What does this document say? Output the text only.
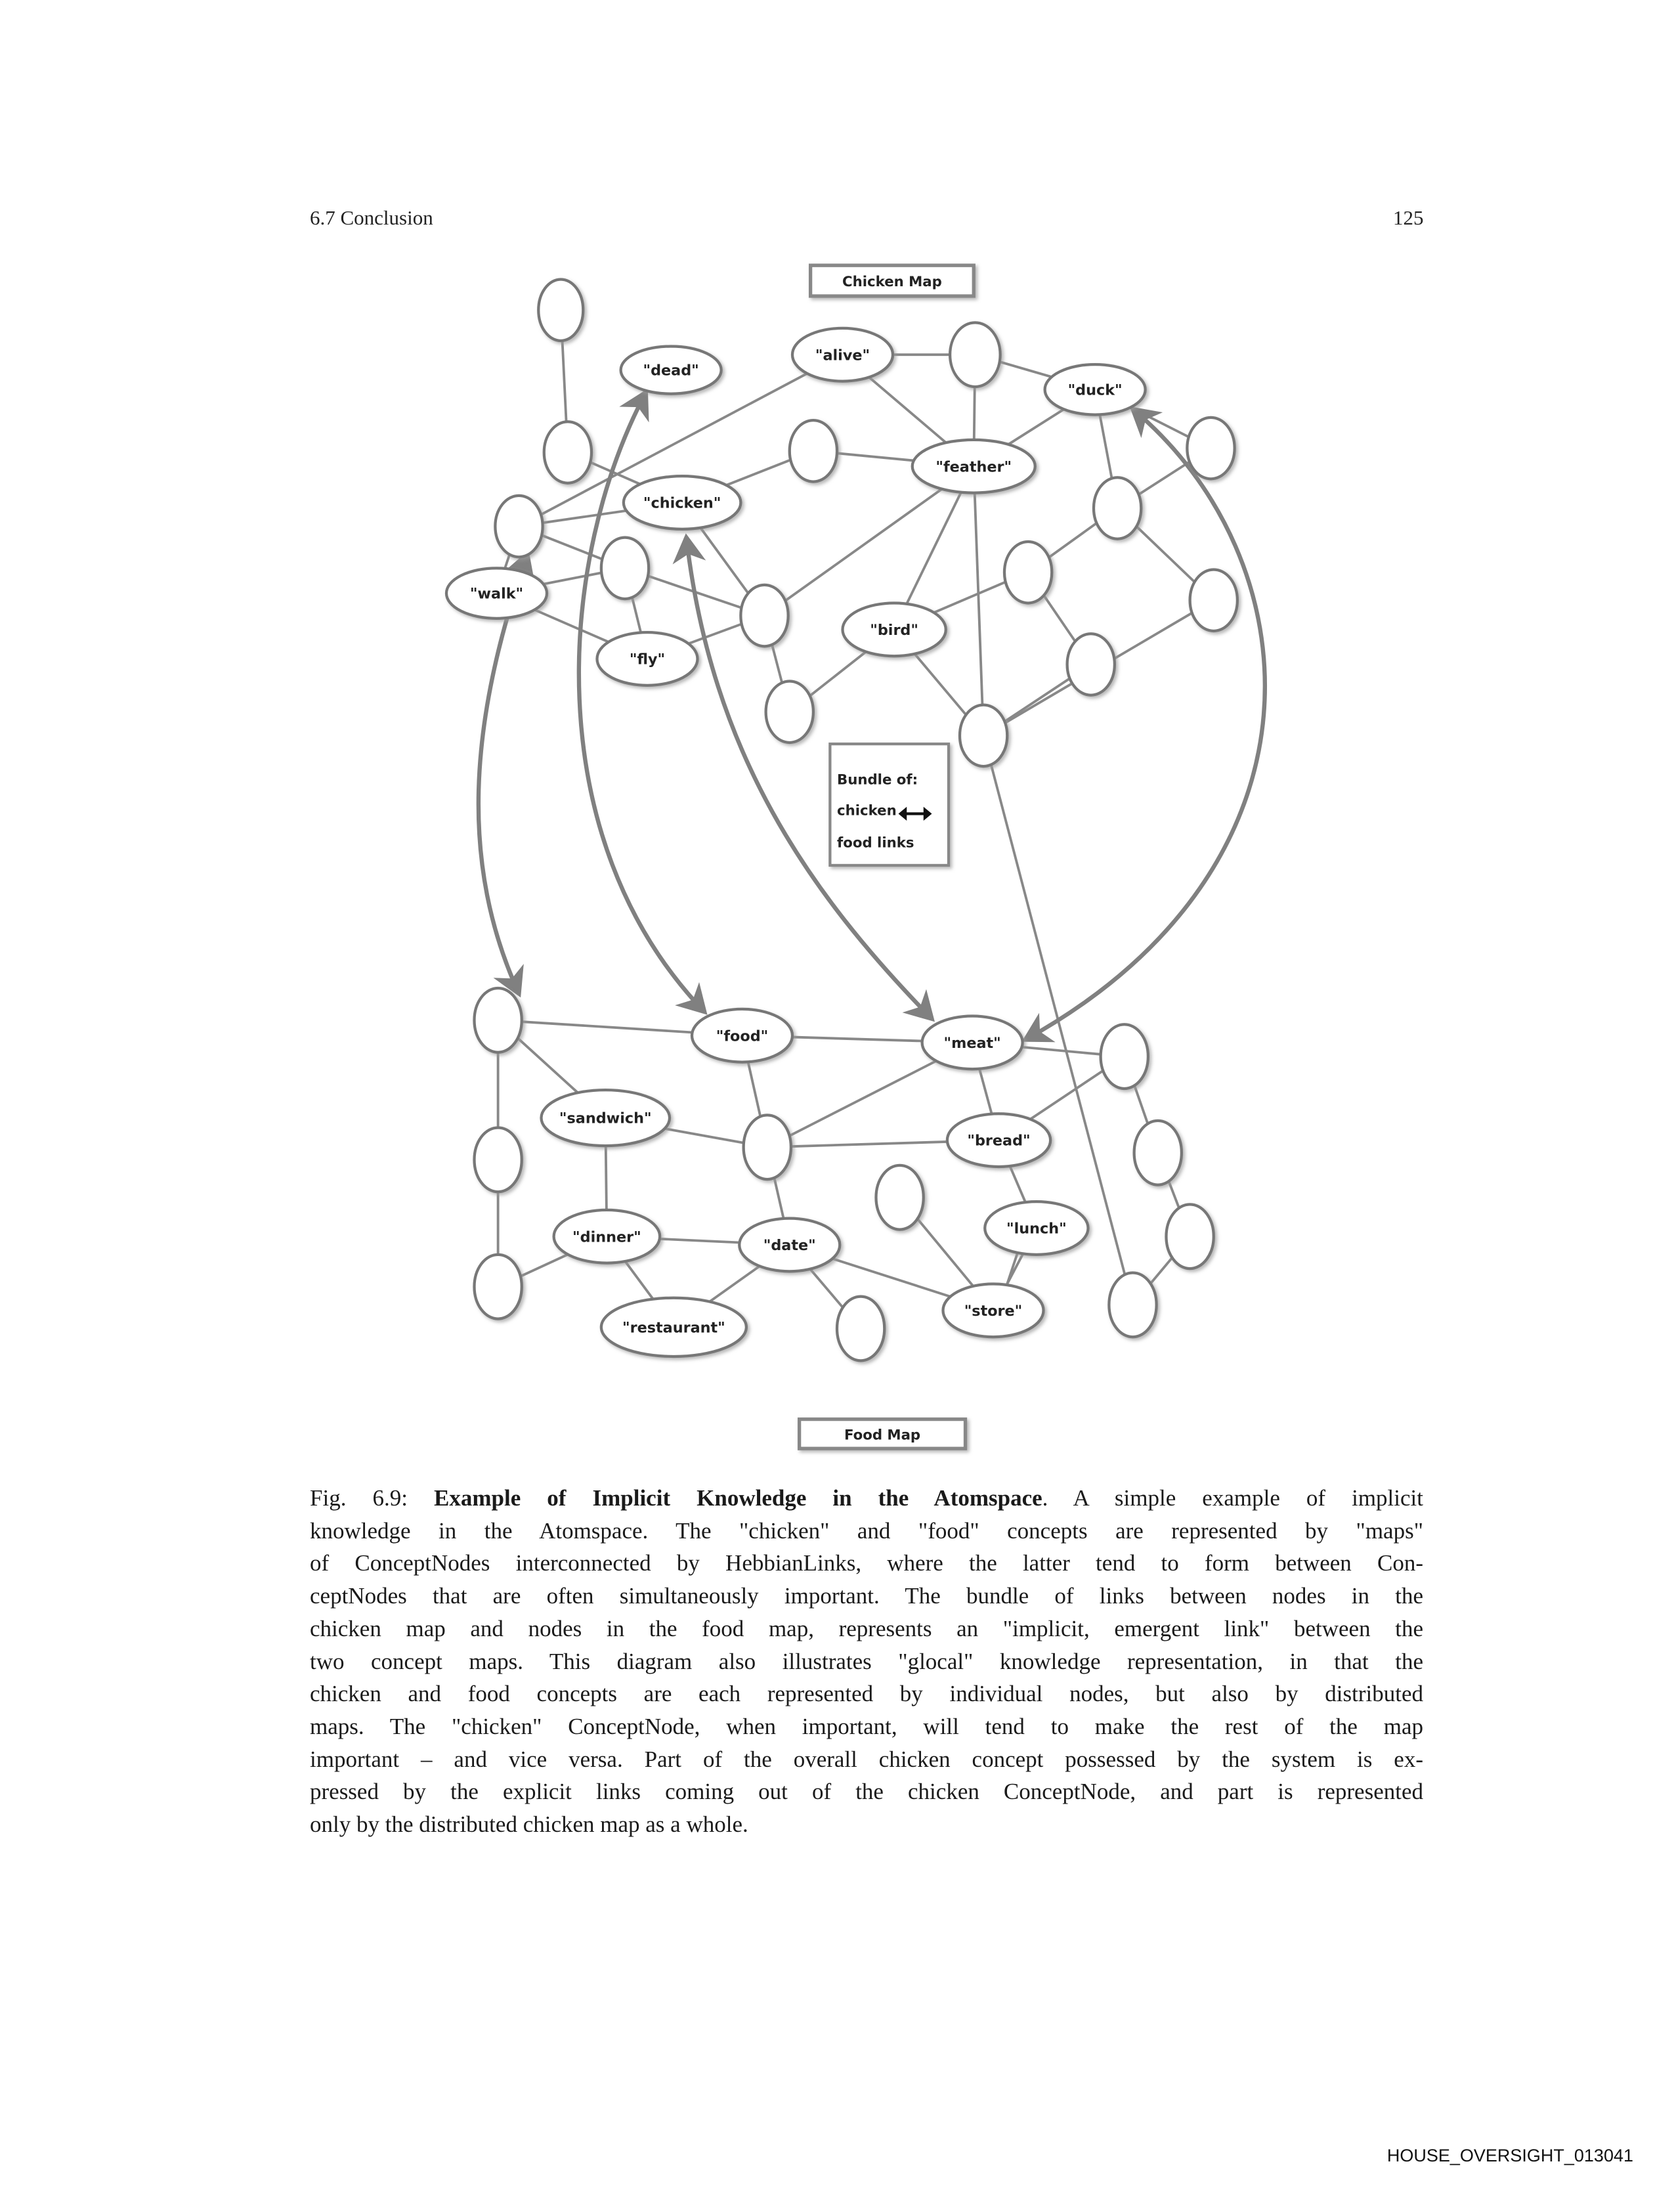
6.7 Conclusion	125
"dead"
"alive"
"duck"
"feather"
"chicken"
"walk"
"bird"
"fly"
"food"	"meat"
"sandwich"
"bread"
"lunch"
"dinner"	"date"
"store"
"restaurant"
Chicken Map
Food Map
Bundle of:
chicken
food links
Fig. 6.9: Example of Implicit Knowledge in the Atomspace. A simple example of implicit
knowledge in the Atomspace. The "chicken" and "food" concepts are represented by "maps"
of ConceptNodes interconnected by HebbianLinks, where the latter tend to form between Con-
ceptNodes that are often simultaneously important. The bundle of links between nodes in the
chicken map and nodes in the food map, represents an "implicit, emergent link" between the
two concept maps. This diagram also illustrates "glocal" knowledge representation, in that the
chicken and food concepts are each represented by individual nodes, but also by distributed
maps. The "chicken" ConceptNode, when important, will tend to make the rest of the map
important – and vice versa. Part of the overall chicken concept possessed by the system is ex-
pressed by the explicit links coming out of the chicken ConceptNode, and part is represented
only by the distributed chicken map as a whole.
HOUSE_OVERSIGHT_013041
